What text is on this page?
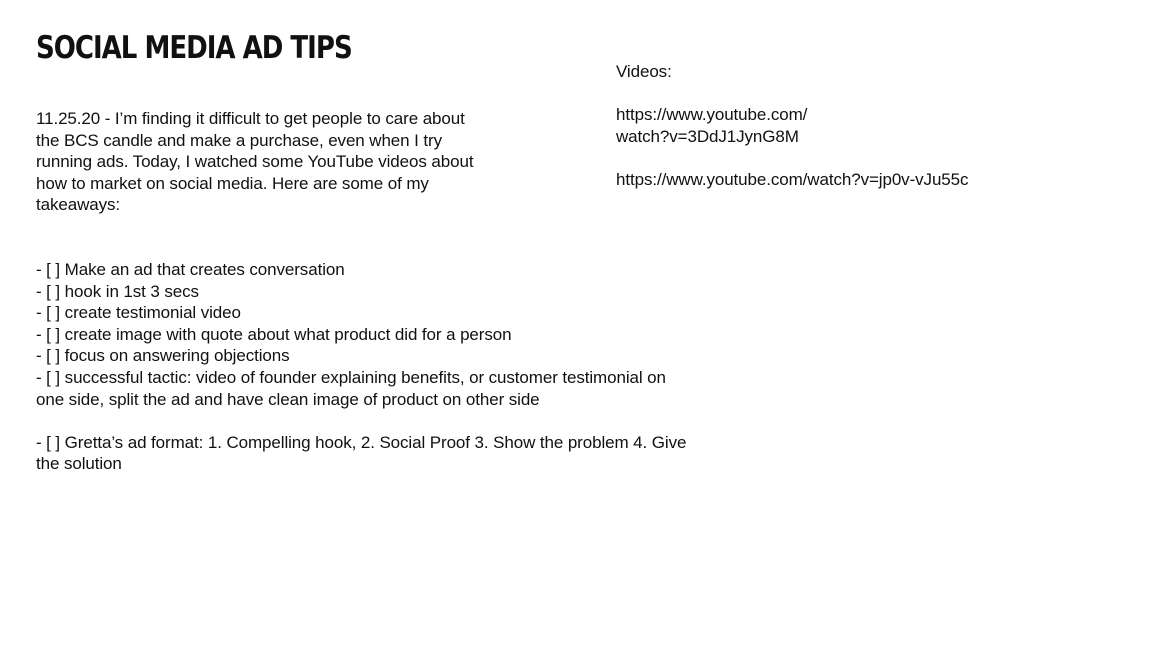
SOCIAL MEDIA AD TIPS

11.25.20 - I’m finding it difficult to get people to care about the BCS candle and make a purchase, even when I try running ads. Today, I watched some YouTube videos about how to market on social media. Here are some of my takeaways:

- [ ] Make an ad that creates conversation
- [ ] hook in 1st 3 secs
- [ ] create testimonial video
- [ ] create image with quote about what product did for a person
- [ ] focus on answering objections
- [ ] successful tactic: video of founder explaining benefits, or customer testimonial on one side, split the ad and have clean image of product on other side
- [ ] Gretta’s ad format: 1. Compelling hook, 2. Social Proof 3. Show the problem 4. Give the solution

Videos:

https://www.youtube.com/
watch?v=3DdJ1JynG8M
https://www.youtube.com/watch?v=jp0v-vJu55c
